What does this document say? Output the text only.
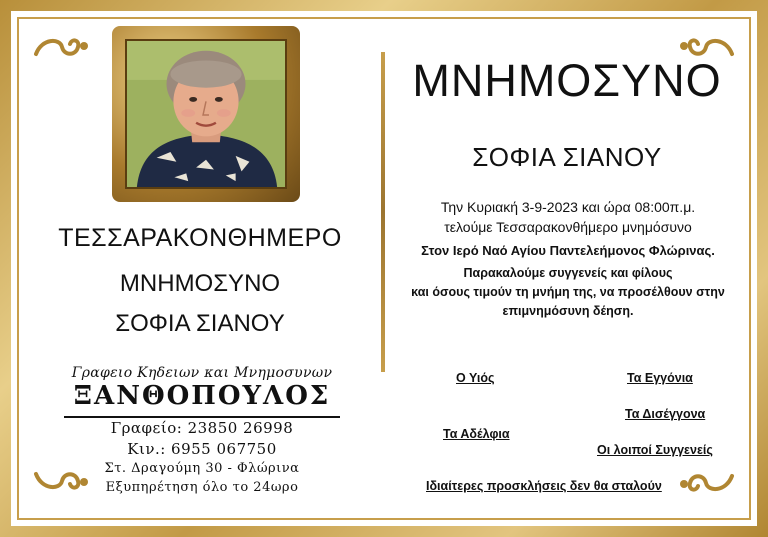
ΤΕΣΣΑΡΑΚΟΝΘΗΜΕΡΟ
ΜΝΗΜΟΣΥΝΟ
ΣΟΦΙΑ ΣΙΑΝΟΥ
Γραφειο Κηδειων και Μνημοσυνων
ΞΑΝΘΟΠΟΥΛΟΣ
Γραφείο: 23850 26998
Κιν.: 6955 067750
Στ. Δραγούμη 30 - Φλώρινα
Εξυπηρέτηση όλο το 24ωρο
ΜΝΗΜΟΣΥΝΟ
ΣΟΦΙΑ ΣΙΑΝΟΥ
Την Κυριακή 3-9-2023 και ώρα 08:00π.μ.
τελούμε Τεσσαρακονθήμερο μνημόσυνο
Στον Ιερό Ναό Αγίου Παντελεήμονος Φλώρινας.
Παρακαλούμε συγγενείς και φίλους
και όσους τιμούν τη μνήμη της, να προσέλθουν στην
επιμνημόσυνη δέηση.
Ο Υιός	Τα Εγγόνια
Τα Δισέγγονα
Τα Αδέλφια
Οι λοιποί Συγγενείς
Ιδιαίτερες προσκλήσεις δεν θα σταλούν
